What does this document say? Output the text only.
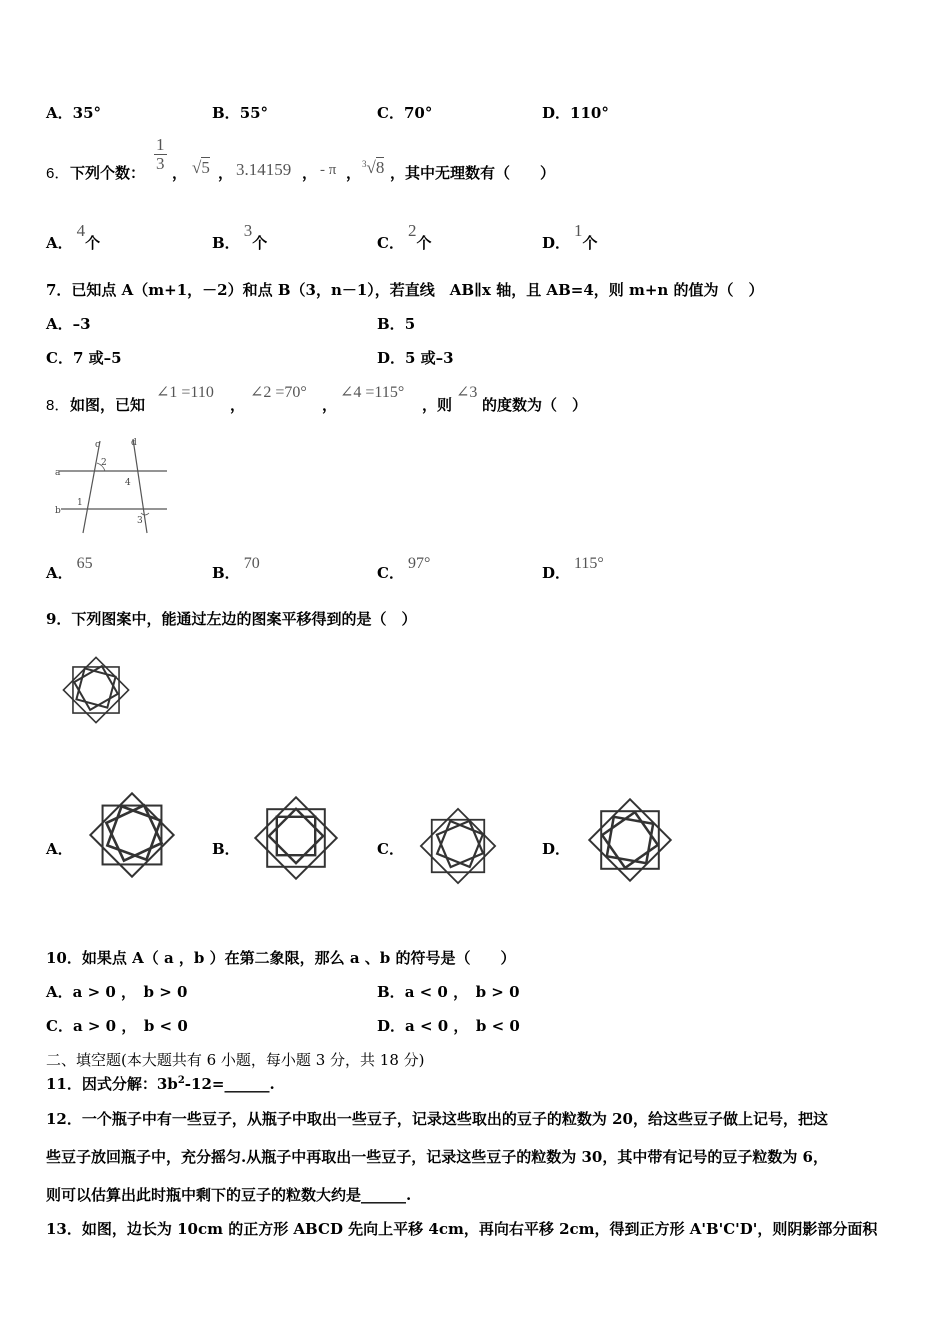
A．35°	B．55°	C．70°	D．110°
6． 下列个数： $\frac{1}{3}$ ， √5 ， 3.14159 ， - π ， $^3$√8 ，其中无理数有（　　）
A．4个	B．3个	C．2个	D．1个
7．已知点 A（m+1，－2）和点 B（3，n－1），若直线　AB∥x 轴，且 AB=4，则 m+n 的值为（　）
A．–3	B．5
C．7 或–5	D．5 或–3
8． 如图，已知
∠1 =110
，
∠2 =70°
，
∠4 =115°
，则
∠3
的度数为（　）
c	d
a
b
1
2
3
4
A．65
B．70
C．97°
D．115°
9．下列图案中，能通过左边的图案平移得到的是（　）
A．	B．	C．	D．
10．如果点 A（ a ，b ）在第二象限，那么 a 、b 的符号是（　　）
A．a > 0 ，　b > 0	B．a < 0 ，　b > 0
C．a > 0 ，　b < 0	D．a < 0 ，　b < 0
二、填空题(本大题共有 6 小题，每小题 3 分，共 18 分)
11．因式分解：$3b^2-12=\_\_\_\_\_\_$.
12．一个瓶子中有一些豆子，从瓶子中取出一些豆子，记录这些取出的豆子的粒数为 20，给这些豆子做上记号，把这
些豆子放回瓶子中，充分摇匀.从瓶子中再取出一些豆子，记录这些豆子的粒数为 30，其中带有记号的豆子粒数为 6，
则可以估算出此时瓶中剩下的豆子的粒数大约是______.
13．如图，边长为 10cm 的正方形 ABCD 先向上平移 4cm，再向右平移 2cm，得到正方形 A'B'C'D'，则阴影部分面积
